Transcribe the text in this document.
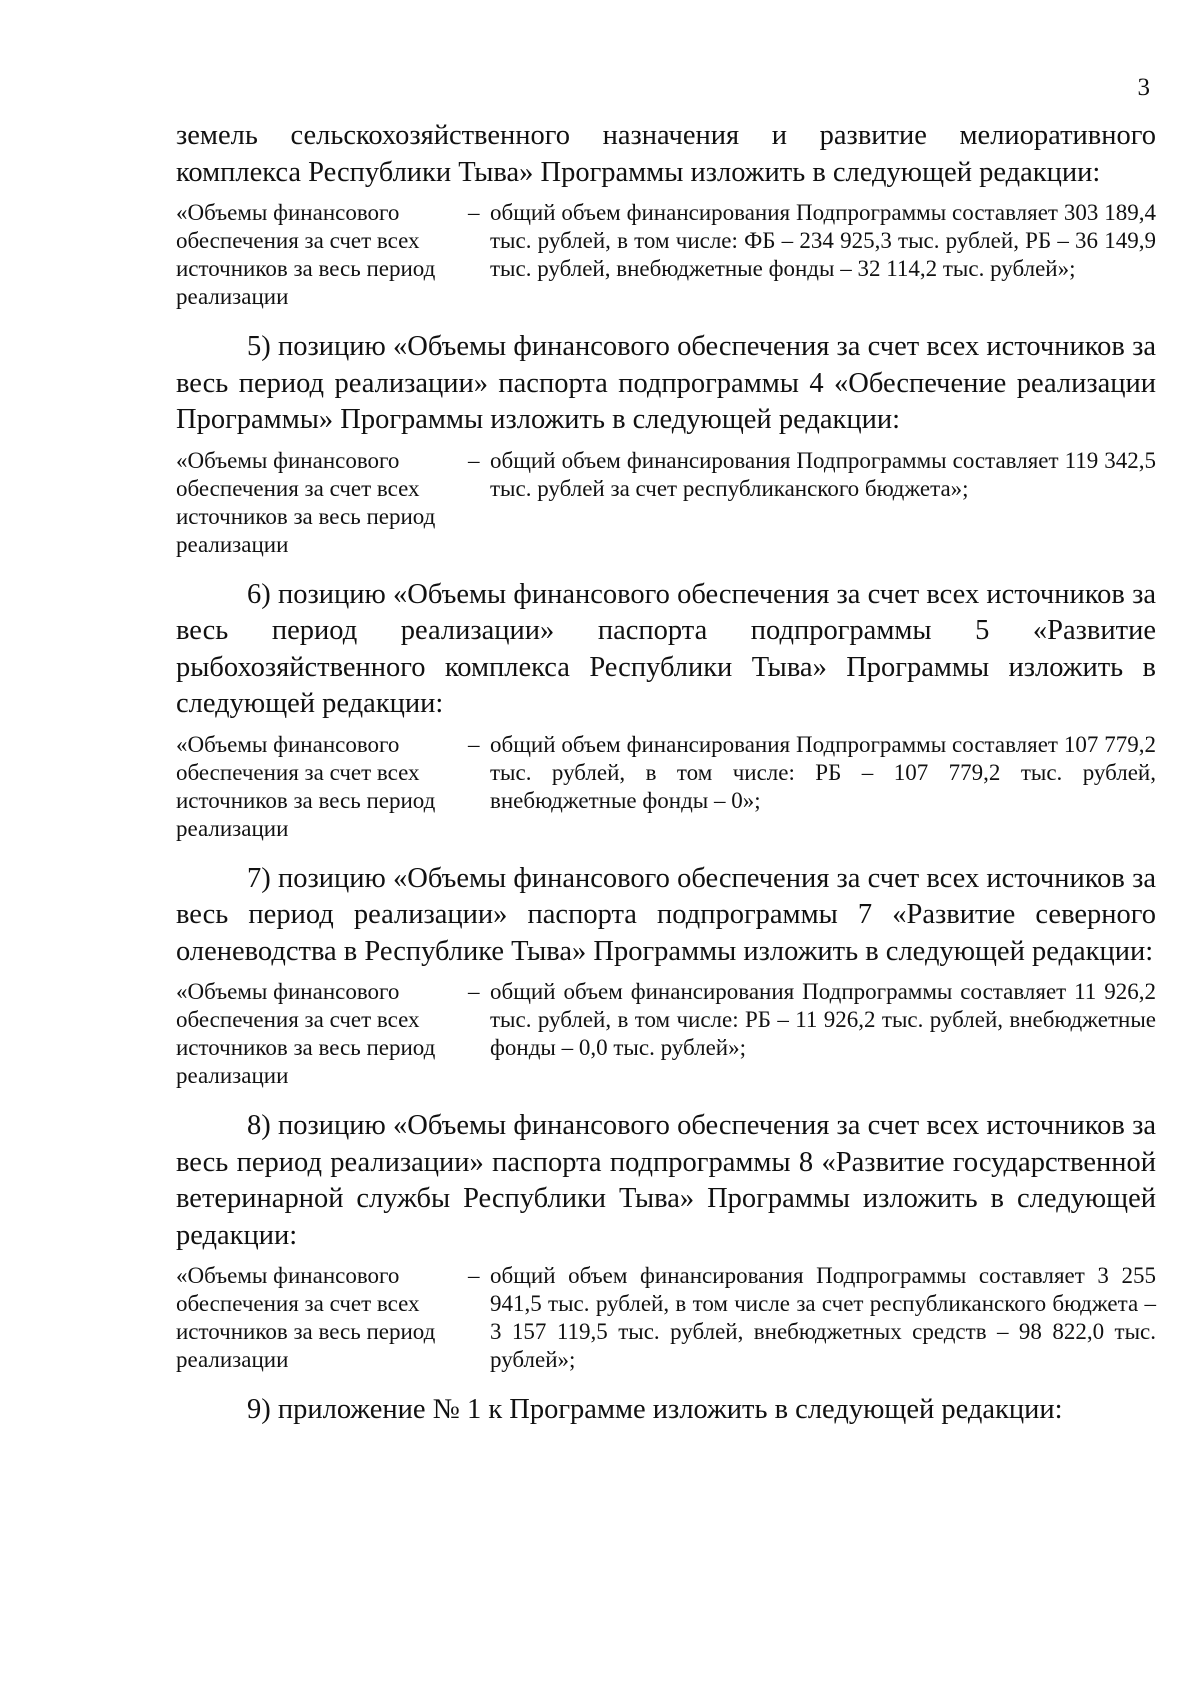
3

земель сельскохозяйственного назначения и развитие мелиоративного комплекса Республики Тыва» Программы изложить в следующей редакции:

«Объемы финансового обеспечения за счет всех источников за весь период реализации
– общий объем финансирования Подпрограммы составляет 303 189,4 тыс. рублей, в том числе: ФБ – 234 925,3 тыс. рублей, РБ – 36 149,9 тыс. рублей, внебюджетные фонды – 32 114,2 тыс. рублей»;

5) позицию «Объемы финансового обеспечения за счет всех источников за весь период реализации» паспорта подпрограммы 4 «Обеспечение реализации Программы» Программы изложить в следующей редакции:

«Объемы финансового обеспечения за счет всех источников за весь период реализации
– общий объем финансирования Подпрограммы составляет 119 342,5 тыс. рублей за счет республиканского бюджета»;

6) позицию «Объемы финансового обеспечения за счет всех источников за весь период реализации» паспорта подпрограммы 5 «Развитие рыбохозяйственного комплекса Республики Тыва» Программы изложить в следующей редакции:

«Объемы финансового обеспечения за счет всех источников за весь период реализации
– общий объем финансирования Подпрограммы составляет 107 779,2 тыс. рублей, в том числе: РБ – 107 779,2 тыс. рублей, внебюджетные фонды – 0»;

7) позицию «Объемы финансового обеспечения за счет всех источников за весь период реализации» паспорта подпрограммы 7 «Развитие северного оленеводства в Республике Тыва» Программы изложить в следующей редакции:

«Объемы финансового обеспечения за счет всех источников за весь период реализации
– общий объем финансирования Подпрограммы составляет 11 926,2 тыс. рублей, в том числе: РБ – 11 926,2 тыс. рублей, внебюджетные фонды – 0,0 тыс. рублей»;

8) позицию «Объемы финансового обеспечения за счет всех источников за весь период реализации» паспорта подпрограммы 8 «Развитие государственной ветеринарной службы Республики Тыва» Программы изложить в следующей редакции:

«Объемы финансового обеспечения за счет всех источников за весь период реализации
– общий объем финансирования Подпрограммы составляет 3 255 941,5 тыс. рублей, в том числе за счет республиканского бюджета – 3 157 119,5 тыс. рублей, внебюджетных средств – 98 822,0 тыс. рублей»;

9) приложение № 1 к Программе изложить в следующей редакции:
